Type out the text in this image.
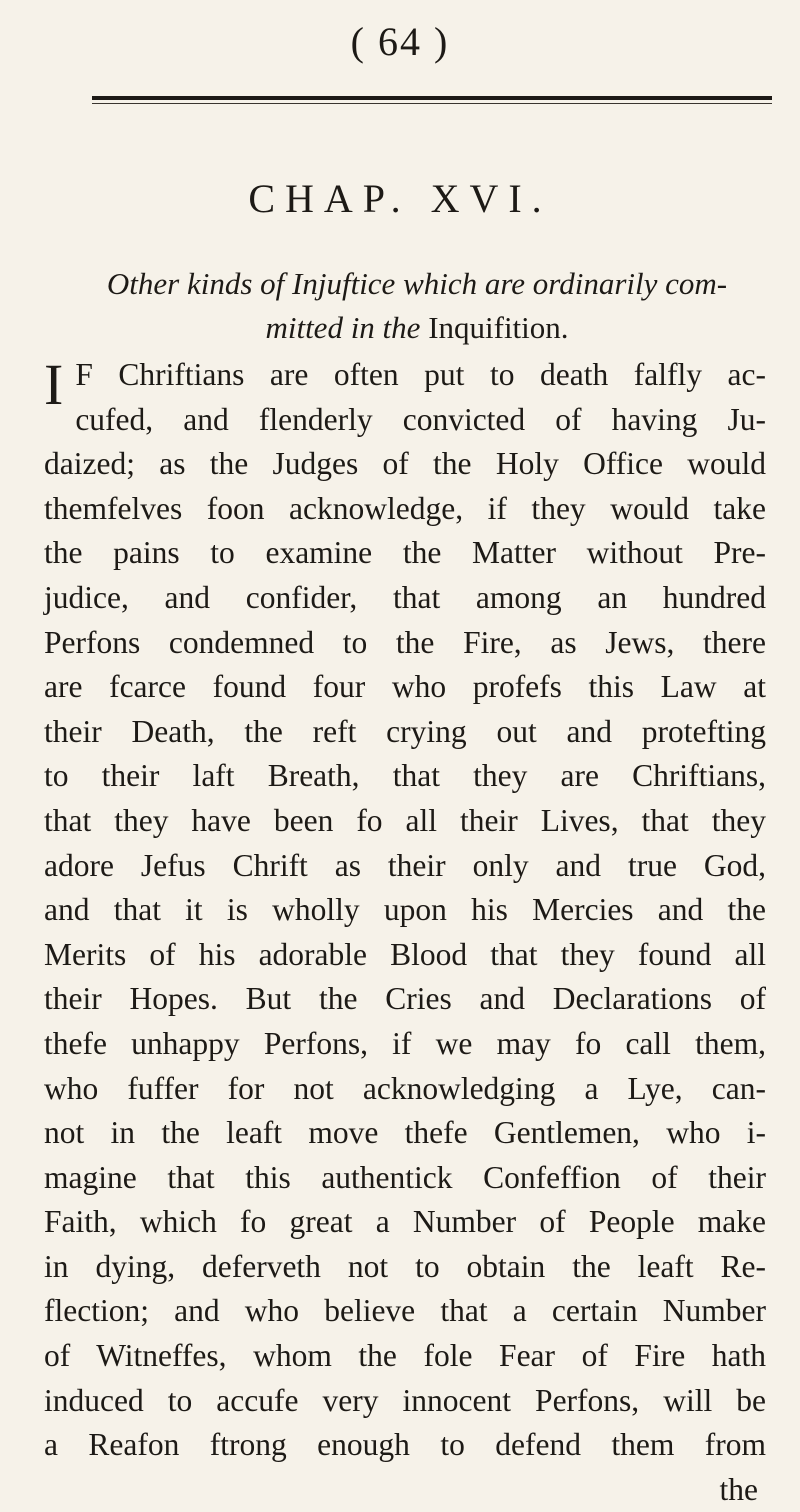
( 64 )
CHAP. XVI.
Other kinds of Injuftice which are ordinarily com-
mitted in the Inquifition.
I F Chriftians are often put to death falfly ac-
cufed, and flenderly convicted of having Ju-
daized; as the Judges of the Holy Office would
themfelves foon acknowledge, if they would take
the pains to examine the Matter without Pre-
judice, and confider, that among an hundred
Perfons condemned to the Fire, as Jews, there
are fcarce found four who profefs this Law at
their Death, the reft crying out and protefting
to their laft Breath, that they are Chriftians,
that they have been fo all their Lives, that they
adore Jefus Chrift as their only and true God,
and that it is wholly upon his Mercies and the
Merits of his adorable Blood that they found all
their Hopes. But the Cries and Declarations of
thefe unhappy Perfons, if we may fo call them,
who fuffer for not acknowledging a Lye, can-
not in the leaft move thefe Gentlemen, who i-
magine that this authentick Confeffion of their
Faith, which fo great a Number of People make
in dying, deferveth not to obtain the leaft Re-
flection; and who believe that a certain Number
of Witneffes, whom the fole Fear of Fire hath
induced to accufe very innocent Perfons, will be
a Reafon ftrong enough to defend them from
the
